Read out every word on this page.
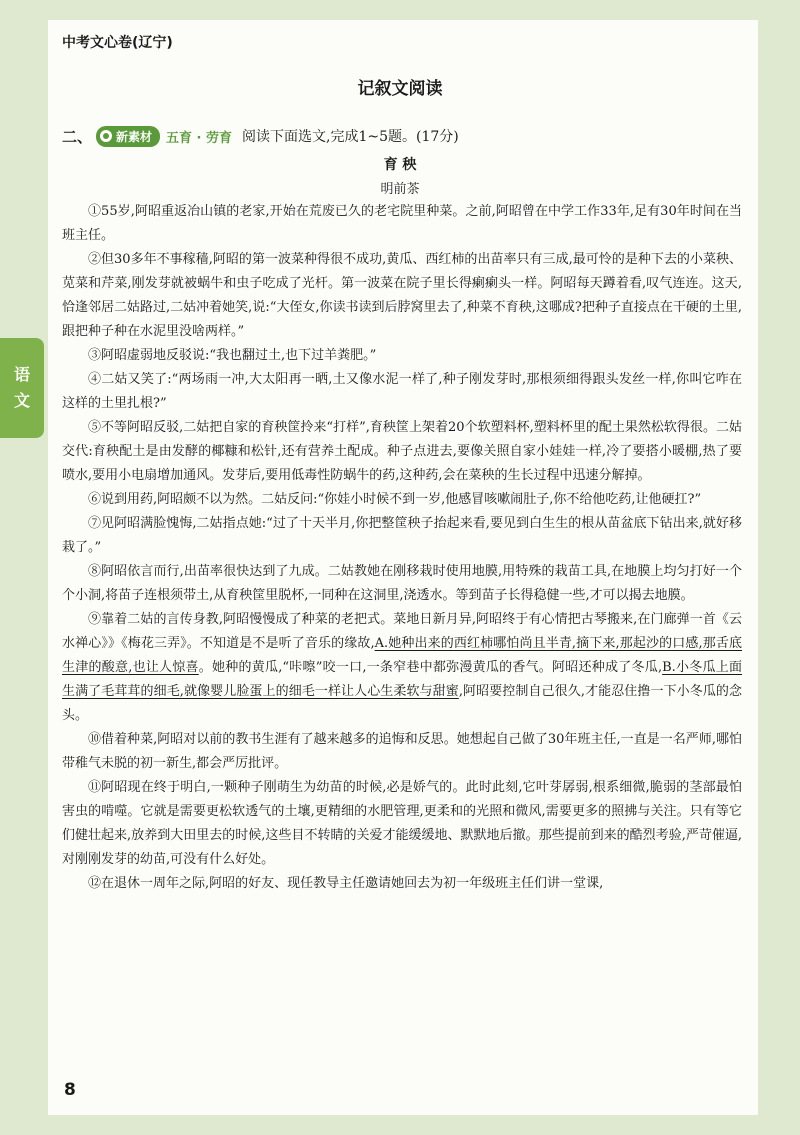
语
文
中考文心卷(辽宁)
记叙文阅读
二、 新素材 五育 · 劳育 阅读下面选文,完成1~5题。(17分)
育 秧
明前茶

①55岁,阿昭重返冶山镇的老家,开始在荒废已久的老宅院里种菜。之前,阿昭曾在中学工作33年,足有30年时间在当班主任。

②但30多年不事稼穑,阿昭的第一波菜种得很不成功,黄瓜、西红柿的出苗率只有三成,最可怜的是种下去的小菜秧、苋菜和芹菜,刚发芽就被蜗牛和虫子吃成了光杆。第一波菜在院子里长得瘌瘌头一样。阿昭每天蹲着看,叹气连连。这天,恰逢邻居二姑路过,二姑冲着她笑,说:“大侄女,你读书读到后脖窝里去了,种菜不育秧,这哪成?把种子直接点在干硬的土里,跟把种子种在水泥里没啥两样。”

③阿昭虚弱地反驳说:“我也翻过土,也下过羊粪肥。”

④二姑又笑了:“两场雨一冲,大太阳再一晒,土又像水泥一样了,种子刚发芽时,那根须细得跟头发丝一样,你叫它咋在这样的土里扎根?”

⑤不等阿昭反驳,二姑把自家的育秧筐拎来“打样”,育秧筐上架着20个软塑料杯,塑料杯里的配土果然松软得很。二姑交代:育秧配土是由发酵的椰糠和松针,还有营养土配成。种子点进去,要像关照自家小娃娃一样,冷了要搭小暖棚,热了要喷水,要用小电扇增加通风。发芽后,要用低毒性防蜗牛的药,这种药,会在菜秧的生长过程中迅速分解掉。

⑥说到用药,阿昭颇不以为然。二姑反问:“你娃小时候不到一岁,他感冒咳嗽闹肚子,你不给他吃药,让他硬扛?”

⑦见阿昭满脸愧悔,二姑指点她:“过了十天半月,你把整筐秧子抬起来看,要见到白生生的根从苗盆底下钻出来,就好移栽了。”

⑧阿昭依言而行,出苗率很快达到了九成。二姑教她在刚移栽时使用地膜,用特殊的栽苗工具,在地膜上均匀打好一个个小洞,将苗子连根须带土,从育秧筐里脱杯,一同种在这洞里,浇透水。等到苗子长得稳健一些,才可以揭去地膜。

⑨靠着二姑的言传身教,阿昭慢慢成了种菜的老把式。菜地日新月异,阿昭终于有心情把古琴搬来,在门廊弹一首《云水禅心》》《梅花三弄》。不知道是不是听了音乐的缘故,A.她种出来的西红柿哪怕尚且半青,摘下来,那起沙的口感,那舌底生津的酸意,也让人惊喜。她种的黄瓜,“咔嚓”咬一口,一条窄巷中都弥漫黄瓜的香气。阿昭还种成了冬瓜,B.小冬瓜上面生满了毛茸茸的细毛,就像婴儿脸蛋上的细毛一样让人心生柔软与甜蜜,阿昭要控制自己很久,才能忍住撸一下小冬瓜的念头。

⑩借着种菜,阿昭对以前的教书生涯有了越来越多的追悔和反思。她想起自己做了30年班主任,一直是一名严师,哪怕带稚气未脱的初一新生,都会严厉批评。

⑪阿昭现在终于明白,一颗种子刚萌生为幼苗的时候,必是娇气的。此时此刻,它叶芽孱弱,根系细微,脆弱的茎部最怕害虫的啃噬。它就是需要更松软透气的土壤,更精细的水肥管理,更柔和的光照和微风,需要更多的照拂与关注。只有等它们健壮起来,放养到大田里去的时候,这些目不转睛的关爱才能缓缓地、默默地后撤。那些提前到来的酷烈考验,严苛催逼,对刚刚发芽的幼苗,可没有什么好处。

⑫在退休一周年之际,阿昭的好友、现任教导主任邀请她回去为初一年级班主任们讲一堂课,

8
